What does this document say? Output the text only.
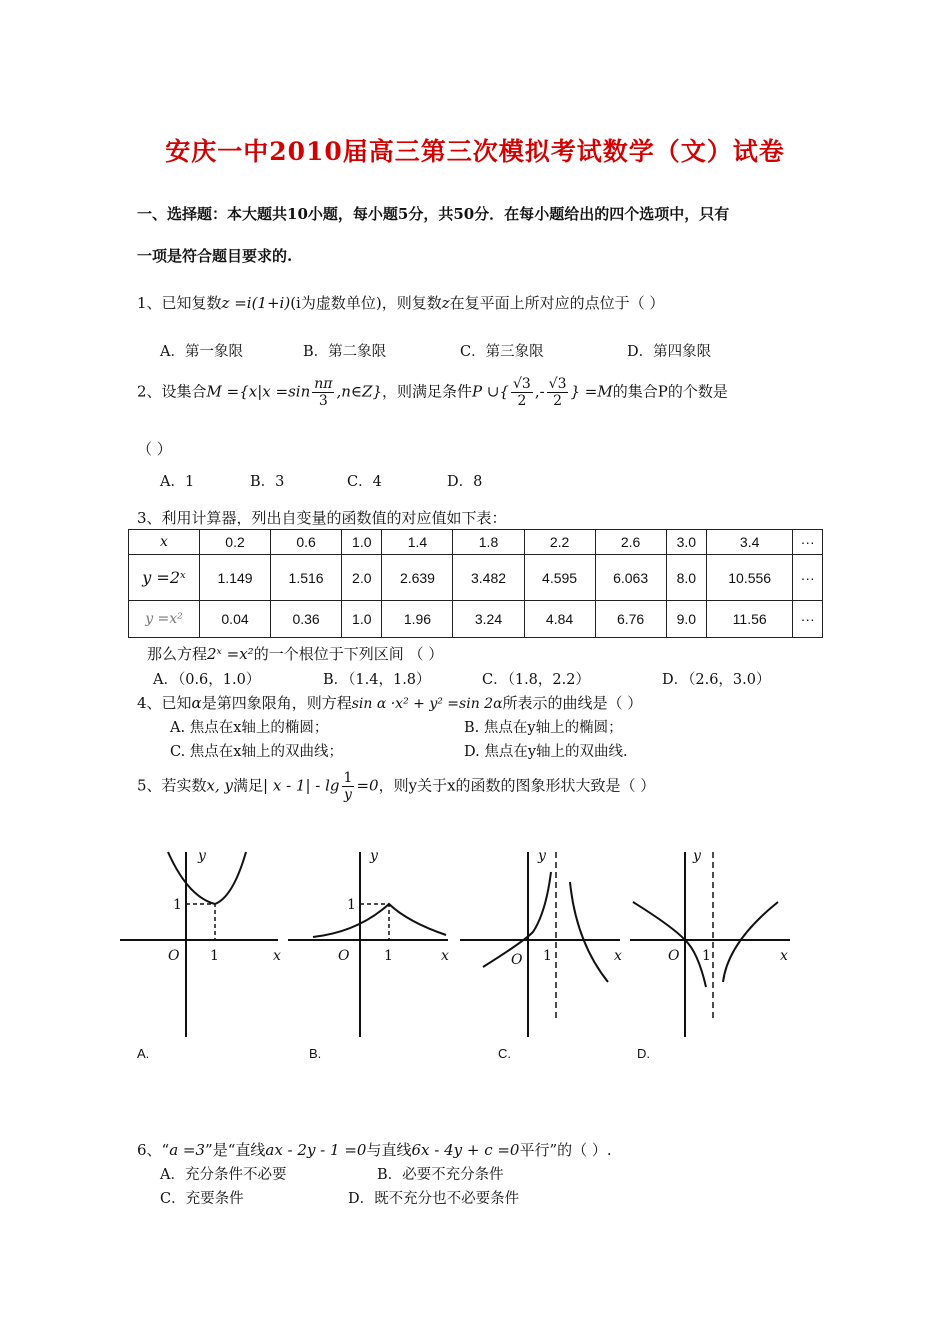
安庆一中2010届高三第三次模拟考试数学（文）试卷
一、选择题：本大题共10小题，每小题5分，共50分．在每小题给出的四个选项中，只有
一项是符合题目要求的.
1、已知复数z =i(1+i)(i为虚数单位)，则复数z在复平面上所对应的点位于（ ）
A．第一象限	B．第二象限	C．第三象限	D．第四象限
2、设集合$M =\{x|x =\sin \frac{n\pi}{3}$ ,n∈Z}，则满足条件P ∪{ $\frac{√3}{2}$ ,- $\frac{√3}{2}$ } =M的集合P的个数是
（ ）
A．1	B．3	C．4	D．8
3、利用计算器，列出自变量的函数值的对应值如下表：
x	0.2	0.6	1.0	1.4	1.8	2.2	2.6	3.0	3.4	···
y =2ˣ	1.149	1.516	2.0	2.639	3.482	4.595	6.063	8.0	10.556	···
y =x²	0.04	0.36	1.0	1.96	3.24	4.84	6.76	9.0	11.56	···
那么方程2ˣ =x²的一个根位于下列区间 （ ）
A．（0.6，1.0）	B．（1.4，1.8）	C．（1.8，2.2）	D．（2.6，3.0）
4、已知α是第四象限角，则方程sin α ·x² + y² =sin 2α所表示的曲线是（ ）
A. 焦点在x轴上的椭圆；	B. 焦点在y轴上的椭圆；
C. 焦点在x轴上的双曲线；	D. 焦点在y轴上的双曲线.
5、若实数x, y满足| $x - 1| - \lg \frac{1}{y} =0$，则y关于x的函数的图象形状大致是（ ）
y
x
O
1
1
y
x
O
1
1
y
x
O 1
y
x
O 1
A.	B.	C.	D.
6、“a =3”是“直线ax - 2y - 1 =0与直线6x - 4y + c =0平行”的（ ）.
A．充分条件不必要	B．必要不充分条件
C．充要条件	D．既不充分也不必要条件
